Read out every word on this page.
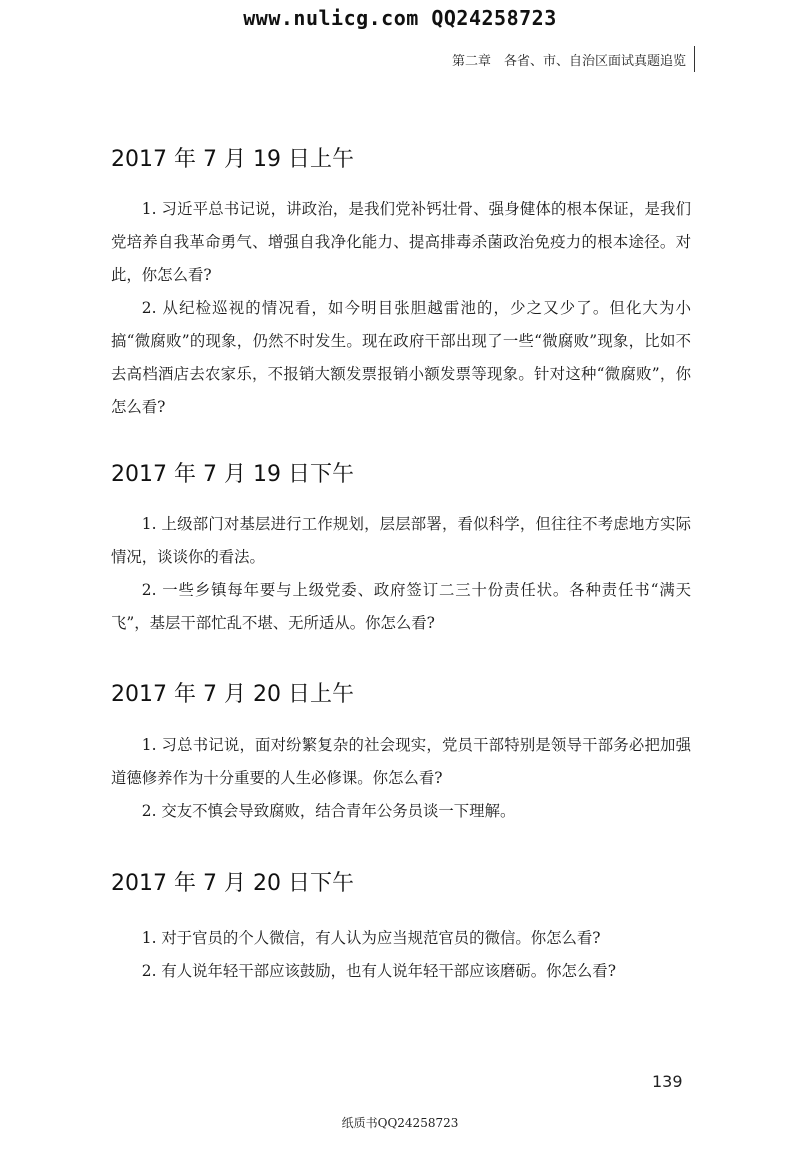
www.nulicg.com QQ24258723
第二章　各省、市、自治区面试真题追览
2017 年 7 月 19 日上午

1. 习近平总书记说，讲政治，是我们党补钙壮骨、强身健体的根本保证，是我们党培养自我革命勇气、增强自我净化能力、提高排毒杀菌政治免疫力的根本途径。对此，你怎么看?

2. 从纪检巡视的情况看，如今明目张胆越雷池的，少之又少了。但化大为小搞“微腐败”的现象，仍然不时发生。现在政府干部出现了一些“微腐败”现象，比如不去高档酒店去农家乐，不报销大额发票报销小额发票等现象。针对这种“微腐败”，你怎么看?

2017 年 7 月 19 日下午

1. 上级部门对基层进行工作规划，层层部署，看似科学，但往往不考虑地方实际情况，谈谈你的看法。

2. 一些乡镇每年要与上级党委、政府签订二三十份责任状。各种责任书“满天飞”，基层干部忙乱不堪、无所适从。你怎么看?

2017 年 7 月 20 日上午

1. 习总书记说，面对纷繁复杂的社会现实，党员干部特别是领导干部务必把加强道德修养作为十分重要的人生必修课。你怎么看?

2. 交友不慎会导致腐败，结合青年公务员谈一下理解。

2017 年 7 月 20 日下午

1. 对于官员的个人微信，有人认为应当规范官员的微信。你怎么看?

2. 有人说年轻干部应该鼓励，也有人说年轻干部应该磨砺。你怎么看?

139
纸质书QQ24258723
